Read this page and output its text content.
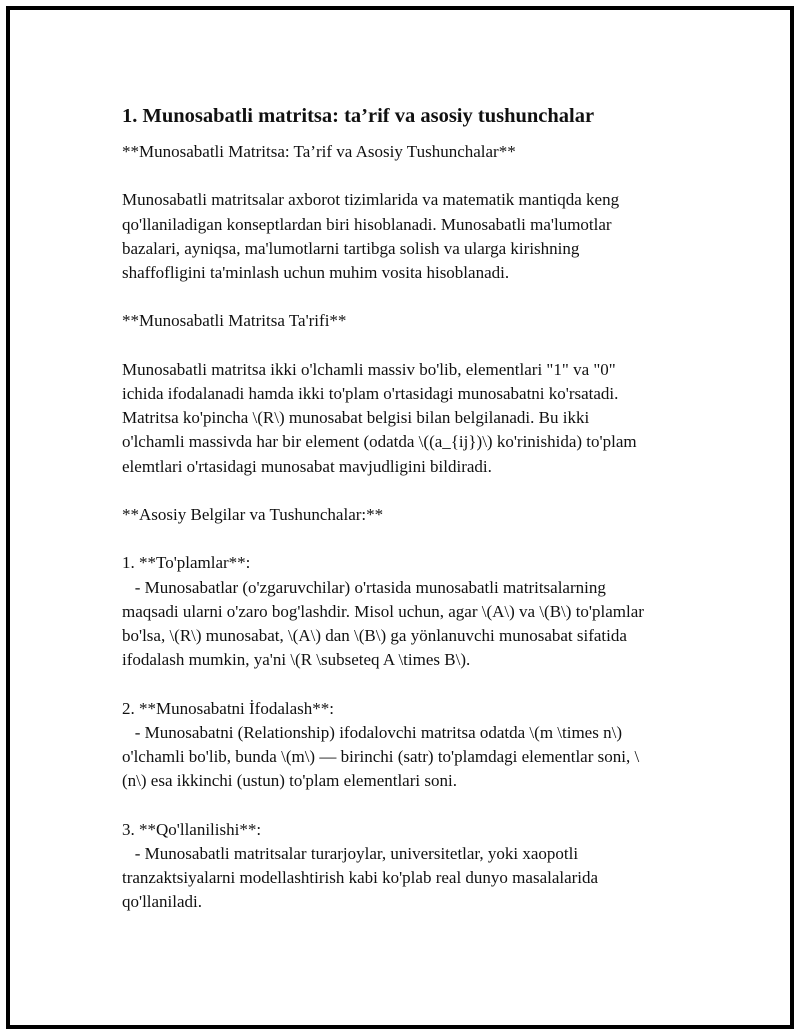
1. Munosabatli matritsa: ta’rif va asosiy tushunchalar

**Munosabatli Matritsa: Ta’rif va Asosiy Tushunchalar**

Munosabatli matritsalar axborot tizimlarida va matematik mantiqda keng
qo'llaniladigan konseptlardan biri hisoblanadi. Munosabatli ma'lumotlar
bazalari, ayniqsa, ma'lumotlarni tartibga solish va ularga kirishning
shaffofligini ta'minlash uchun muhim vosita hisoblanadi.

**Munosabatli Matritsa Ta'rifi**

Munosabatli matritsa ikki o'lchamli massiv bo'lib, elementlari "1" va "0"
ichida ifodalanadi hamda ikki to'plam o'rtasidagi munosabatni ko'rsatadi.
Matritsa ko'pincha \(R\) munosabat belgisi bilan belgilanadi. Bu ikki
o'lchamli massivda har bir element (odatda \((a_{ij})\) ko'rinishida) to'plam
elemtlari o'rtasidagi munosabat mavjudligini bildiradi.

**Asosiy Belgilar va Tushunchalar:**

1. **To'plamlar**:
- Munosabatlar (o'zgaruvchilar) o'rtasida munosabatli matritsalarning
maqsadi ularni o'zaro bog'lashdir. Misol uchun, agar \(A\) va \(B\) to'plamlar
bo'lsa, \(R\) munosabat, \(A\) dan \(B\) ga yönlanuvchi munosabat sifatida
ifodalash mumkin, ya'ni \(R \subseteq A \times B\).

2. **Munosabatni İfodalash**:
- Munosabatni (Relationship) ifodalovchi matritsa odatda \(m \times n\)
o'lchamli bo'lib, bunda \(m\) — birinchi (satr) to'plamdagi elementlar soni, \
(n\) esa ikkinchi (ustun) to'plam elementlari soni.

3. **Qo'llanilishi**:
- Munosabatli matritsalar turarjoylar, universitetlar, yoki xaopotli
tranzaktsiyalarni modellashtirish kabi ko'plab real dunyo masalalarida
qo'llaniladi.
